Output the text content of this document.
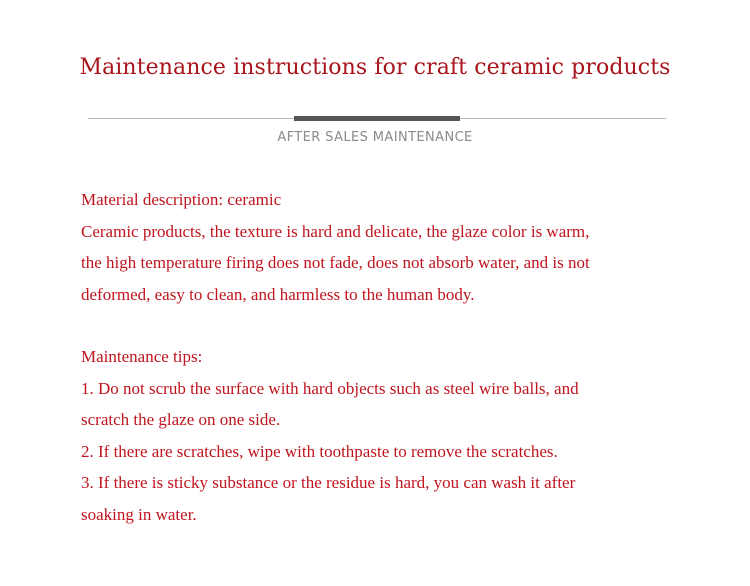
Maintenance instructions for craft ceramic products
AFTER SALES MAINTENANCE
Material description: ceramic
Ceramic products, the texture is hard and delicate, the glaze color is warm,
the high temperature firing does not fade, does not absorb water, and is not
deformed, easy to clean, and harmless to the human body.
Maintenance tips:
1. Do not scrub the surface with hard objects such as steel wire balls, and
scratch the glaze on one side.
2. If there are scratches, wipe with toothpaste to remove the scratches.
3. If there is sticky substance or the residue is hard, you can wash it after
soaking in water.
